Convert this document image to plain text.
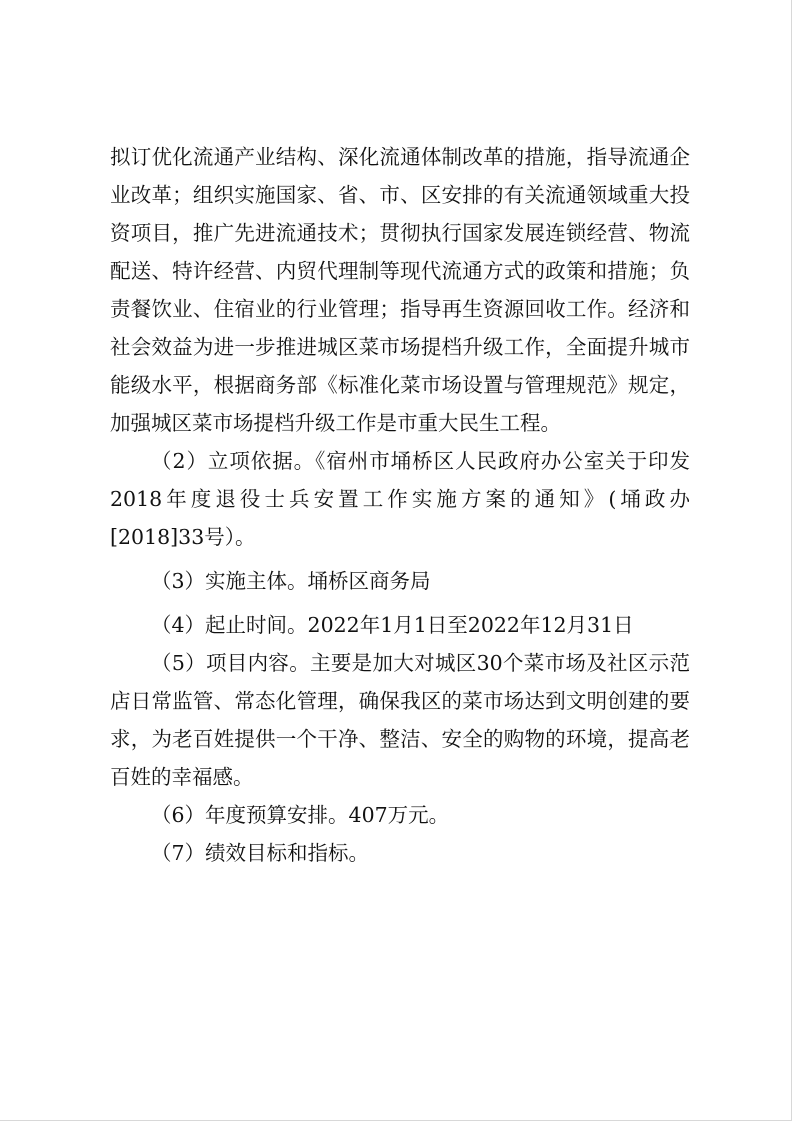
拟订优化流通产业结构、深化流通体制改革的措施，指导流通企业改革；组织实施国家、省、市、区安排的有关流通领域重大投资项目，推广先进流通技术；贯彻执行国家发展连锁经营、物流配送、特许经营、内贸代理制等现代流通方式的政策和措施；负责餐饮业、住宿业的行业管理；指导再生资源回收工作。经济和社会效益为进一步推进城区菜市场提档升级工作，全面提升城市能级水平，根据商务部《标准化菜市场设置与管理规范》规定，加强城区菜市场提档升级工作是市重大民生工程。

（2）立项依据。《宿州市埇桥区人民政府办公室关于印发2018年度退役士兵安置工作实施方案的通知》(埇政办[2018]33号）。

（3）实施主体。埇桥区商务局

（4）起止时间。2022年1月1日至2022年12月31日

（5）项目内容。主要是加大对城区30个菜市场及社区示范店日常监管、常态化管理，确保我区的菜市场达到文明创建的要求，为老百姓提供一个干净、整洁、安全的购物的环境，提高老百姓的幸福感。

（6）年度预算安排。407万元。

（7）绩效目标和指标。
